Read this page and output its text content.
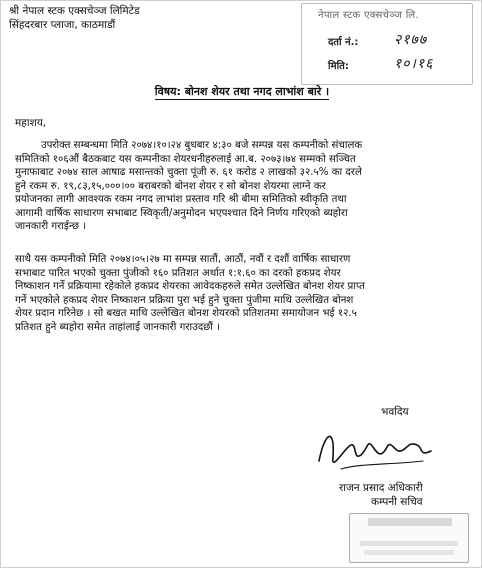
श्री नेपाल स्टक एक्सचेञ्ज लिमिटेड
सिंहदरबार प्लाजा, काठमाडौं
नेपाल स्टक एक्सचेञ्ज लि.
दर्ता नं.:	२१७७
मिति:	१०।१६
विषय: बोनश शेयर तथा नगद लाभांश बारे ।
महाशय,
उपरोक्त सम्बन्धमा मिति २०७४।१०।२४ बुधबार ४:३० बजे सम्पन्न यस कम्पनीको संचालक
समितिको १०६औं बैठकबाट यस कम्पनीका शेयरधनीहरुलाई आ.ब. २०७३।७४ सम्मको सञ्चित
मुनाफाबाट २०७४ साल आषाढ मसान्तको चुक्ता पूंजी रु. ६१ करोड २ लाखको ३२.५% का दरले
हुने रकम रु. १९,८३,१५,०००।०० बराबरको बोनश शेयर र सो बोनश शेयरमा लाग्ने कर
प्रयोजनका लागी आवश्यक रकम नगद लाभांश प्रस्ताव गरि श्री बीमा समितिको स्वीकृति तथा
आगामी वार्षिक साधारण सभाबाट स्विकृती/अनुमोदन भएपश्चात दिने निर्णय गरिएको ब्यहोरा
जानकारी गराईन्छ ।
साथै यस कम्पनीको मिति २०७४।०५।२७ मा सम्पन्न सातौं, आठौं, नवौं र दशौं वार्षिक साधारण
सभाबाट पारित भएको चुक्ता पुंजीको १६० प्रतिशत अर्थात १:१.६० का दरको हकप्रद शेयर
निष्काशन गर्ने प्रक्रियामा रहेकोले हकप्रद शेयरका आवेदकहरुले समेत उल्लेखित बोनश शेयर प्राप्त
गर्ने भएकोले हकप्रद शेयर निष्काशन प्रक्रिया पुरा भई हुने चुक्ता पुंजीमा माथि उल्लेखित बोनश
शेयर प्रदान गरिनेछ । सो बखत माथि उल्लेखित बोनश शेयरको प्रतिशतमा समायोजन भई १२.५
प्रतिशत हुने ब्यहोरा समेत ताहांलाई जानकारी गराउदछौं ।
भवदिय
राजन प्रसाद अधिकारी
कम्पनी सचिव
